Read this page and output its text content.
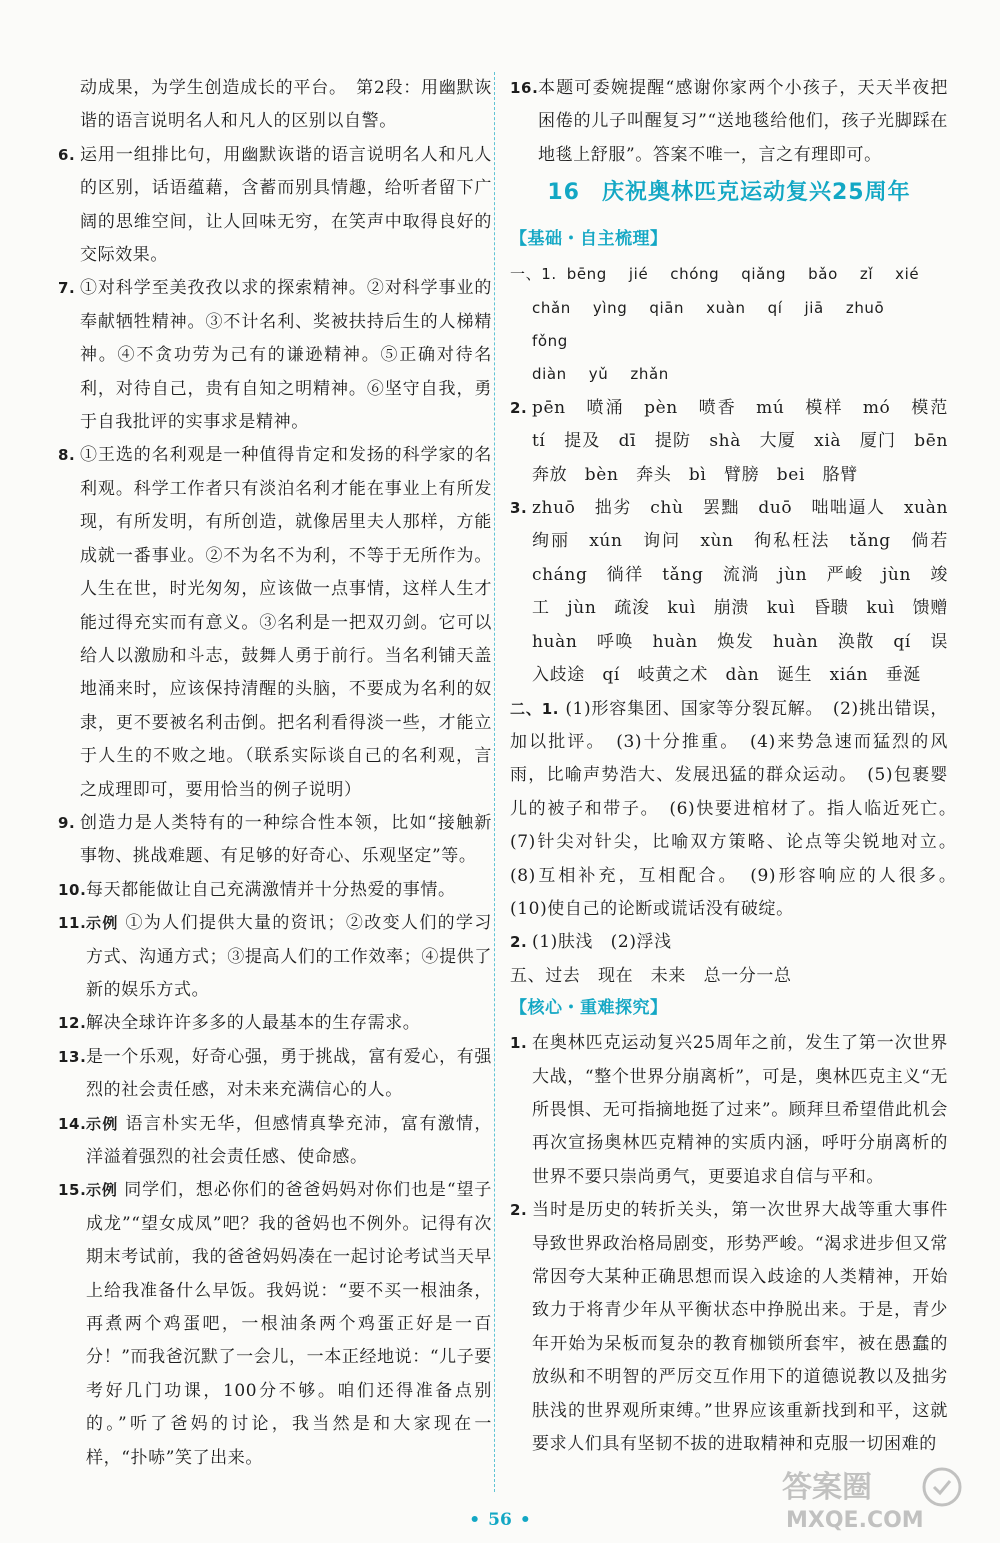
动成果，为学生创造成长的平台。　第2段：用幽默诙谐的语言说明名人和凡人的区别以自警。
6. 运用一组排比句，用幽默诙谐的语言说明名人和凡人的区别，话语蕴藉，含蓄而别具情趣，给听者留下广阔的思维空间，让人回味无穷，在笑声中取得良好的交际效果。
7. ①对科学至美孜孜以求的探索精神。②对科学事业的奉献牺牲精神。③不计名利、奖被扶持后生的人梯精神。④不贪功劳为己有的谦逊精神。⑤正确对待名利，对待自己，贵有自知之明精神。⑥坚守自我，勇于自我批评的实事求是精神。
8. ①王选的名利观是一种值得肯定和发扬的科学家的名利观。科学工作者只有淡泊名利才能在事业上有所发现，有所发明，有所创造，就像居里夫人那样，方能成就一番事业。②不为名不为利，不等于无所作为。人生在世，时光匆匆，应该做一点事情，这样人生才能过得充实而有意义。③名利是一把双刃剑。它可以给人以激励和斗志，鼓舞人勇于前行。当名利铺天盖地涌来时，应该保持清醒的头脑，不要成为名利的奴隶，更不要被名利击倒。把名利看得淡一些，才能立于人生的不败之地。（联系实际谈自己的名利观，言之成理即可，要用恰当的例子说明）
9. 创造力是人类特有的一种综合性本领，比如“接触新事物、挑战难题、有足够的好奇心、乐观坚定”等。
10. 每天都能做让自己充满激情并十分热爱的事情。
11. 示例 ①为人们提供大量的资讯；②改变人们的学习方式、沟通方式；③提高人们的工作效率；④提供了新的娱乐方式。
12. 解决全球许许多多的人最基本的生存需求。
13. 是一个乐观，好奇心强，勇于挑战，富有爱心，有强烈的社会责任感，对未来充满信心的人。
14. 示例 语言朴实无华，但感情真挚充沛，富有激情，洋溢着强烈的社会责任感、使命感。
15. 示例 同学们，想必你们的爸爸妈妈对你们也是“望子成龙”“望女成凤”吧？我的爸妈也不例外。记得有次期末考试前，我的爸爸妈妈凑在一起讨论考试当天早上给我准备什么早饭。我妈说：“要不买一根油条，再煮两个鸡蛋吧，一根油条两个鸡蛋正好是一百分！”而我爸沉默了一会儿，一本正经地说：“儿子要考好几门功课，100分不够。咱们还得准备点别的。”听了爸妈的讨论，我当然是和大家现在一样，“扑哧”笑了出来。
16. 本题可委婉提醒“感谢你家两个小孩子，天天半夜把困倦的儿子叫醒复习”“送地毯给他们，孩子光脚踩在地毯上舒服”。答案不唯一，言之有理即可。
16 庆祝奥林匹克运动复兴25周年
【基础・自主梳理】
一、1. bēng jié chóng qiǎng bǎo zǐ xié
chǎn yìng qiān xuàn qí jiā zhuō
fǒng
diàn yǔ zhǎn
2. pēn　喷涌　pèn　喷香　mú　模样　mó　模范　tí　提及　dī　提防　shà　大厦　xià　厦门　bēn　奔放　bèn　奔头　bì　臂膀　bei　胳臂
3. zhuō　拙劣　chù　罢黜　duō　咄咄逼人　xuàn　绚丽　xún　询问　xùn　徇私枉法　tǎng　倘若　cháng　徜徉　tǎng　流淌　jùn　严峻　jùn　竣工　jùn　疏浚　kuì　崩溃　kuì　昏聩　kuì　馈赠　huàn　呼唤　huàn　焕发　huàn　涣散　qí　误入歧途　qí　岐黄之术　dàn　诞生　xián　垂涎
二、1. (1)形容集团、国家等分裂瓦解。　(2)挑出错误，加以批评。　(3)十分推重。　(4)来势急速而猛烈的风雨，比喻声势浩大、发展迅猛的群众运动。　(5)包裹婴儿的被子和带子。　(6)快要进棺材了。指人临近死亡。　(7)针尖对针尖，比喻双方策略、论点等尖锐地对立。　(8)互相补充，互相配合。　(9)形容响应的人很多。　(10)使自己的论断或谎话没有破绽。
2. (1)肤浅　(2)浮浅
五、过去　现在　未来　总一分一总
【核心・重难探究】
1. 在奥林匹克运动复兴25周年之前，发生了第一次世界大战，“整个世界分崩离析”，可是，奥林匹克主义“无所畏惧、无可指摘地挺了过来”。顾拜旦希望借此机会再次宣扬奥林匹克精神的实质内涵，呼吁分崩离析的世界不要只崇尚勇气，更要追求自信与平和。
2. 当时是历史的转折关头，第一次世界大战等重大事件导致世界政治格局剧变，形势严峻。“渴求进步但又常常因夸大某种正确思想而误入歧途的人类精神，开始致力于将青少年从平衡状态中挣脱出来。于是，青少年开始为呆板而复杂的教育枷锁所套牢，被在愚蠢的放纵和不明智的严厉交互作用下的道德说教以及拙劣肤浅的世界观所束缚。”世界应该重新找到和平，这就要求人们具有坚韧不拔的进取精神和克服一切困难的
• 56 •
答案圈
MXQE.COM
